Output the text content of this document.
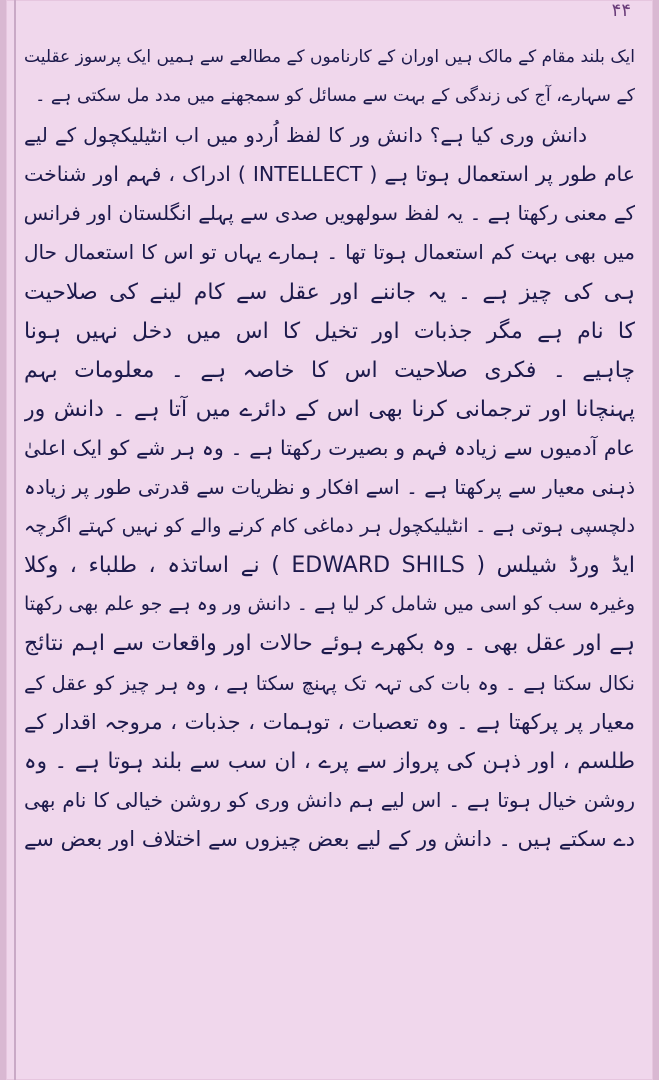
۴۴
ایک بلند مقام کے مالک ہیں اوران کے کارناموں کے مطالعے سے ہمیں ایک پرسوز عقلیت
کے سہارے، آج کی زندگی کے بہت سے مسائل کو سمجھنے میں مدد مل سکتی ہے ۔
دانش وری کیا ہے؟ دانش ور کا لفظ اُردو میں اب انٹیلیکچول کے لیے
عام طور پر استعمال ہوتا ہے ( INTELLECT ) ادراک ، فہم اور شناخت
کے معنی رکھتا ہے ۔ یہ لفظ سولھویں صدی سے پہلے انگلستان اور فرانس
میں بھی بہت کم استعمال ہوتا تھا ۔ ہمارے یہاں تو اس کا استعمال حال
ہی کی چیز ہے ۔ یہ جاننے اور عقل سے کام لینے کی صلاحیت
کا نام ہے مگر جذبات اور تخیل کا اس میں دخل نہیں ہونا
چاہیے ۔ فکری صلاحیت اس کا خاصہ ہے ۔ معلومات بہم
پہنچانا اور ترجمانی کرنا بھی اس کے دائرے میں آتا ہے ۔ دانش ور
عام آدمیوں سے زیادہ فہم و بصیرت رکھتا ہے ۔ وہ ہر شے کو ایک اعلیٰ
ذہنی معیار سے پرکھتا ہے ۔ اسے افکار و نظریات سے قدرتی طور پر زیادہ
دلچسپی ہوتی ہے ۔ انٹیلیکچول ہر دماغی کام کرنے والے کو نہیں کہتے اگرچہ
ایڈ ورڈ شیلس ( EDWARD SHILS ) نے اساتذہ ، طلباء ، وکلا
وغیرہ سب کو اسی میں شامل کر لیا ہے ۔ دانش ور وہ ہے جو علم بھی رکھتا
ہے اور عقل بھی ۔ وہ بکھرے ہوئے حالات اور واقعات سے اہم نتائج
نکال سکتا ہے ۔ وہ بات کی تہہ تک پہنچ سکتا ہے ، وہ ہر چیز کو عقل کے
معیار پر پرکھتا ہے ۔ وہ تعصبات ، توہمات ، جذبات ، مروجہ اقدار کے
طلسم ، اور ذہن کی پرواز سے پرے ، ان سب سے بلند ہوتا ہے ۔ وہ
روشن خیال ہوتا ہے ۔ اس لیے ہم دانش وری کو روشن خیالی کا نام بھی
دے سکتے ہیں ۔ دانش ور کے لیے بعض چیزوں سے اختلاف اور بعض سے
